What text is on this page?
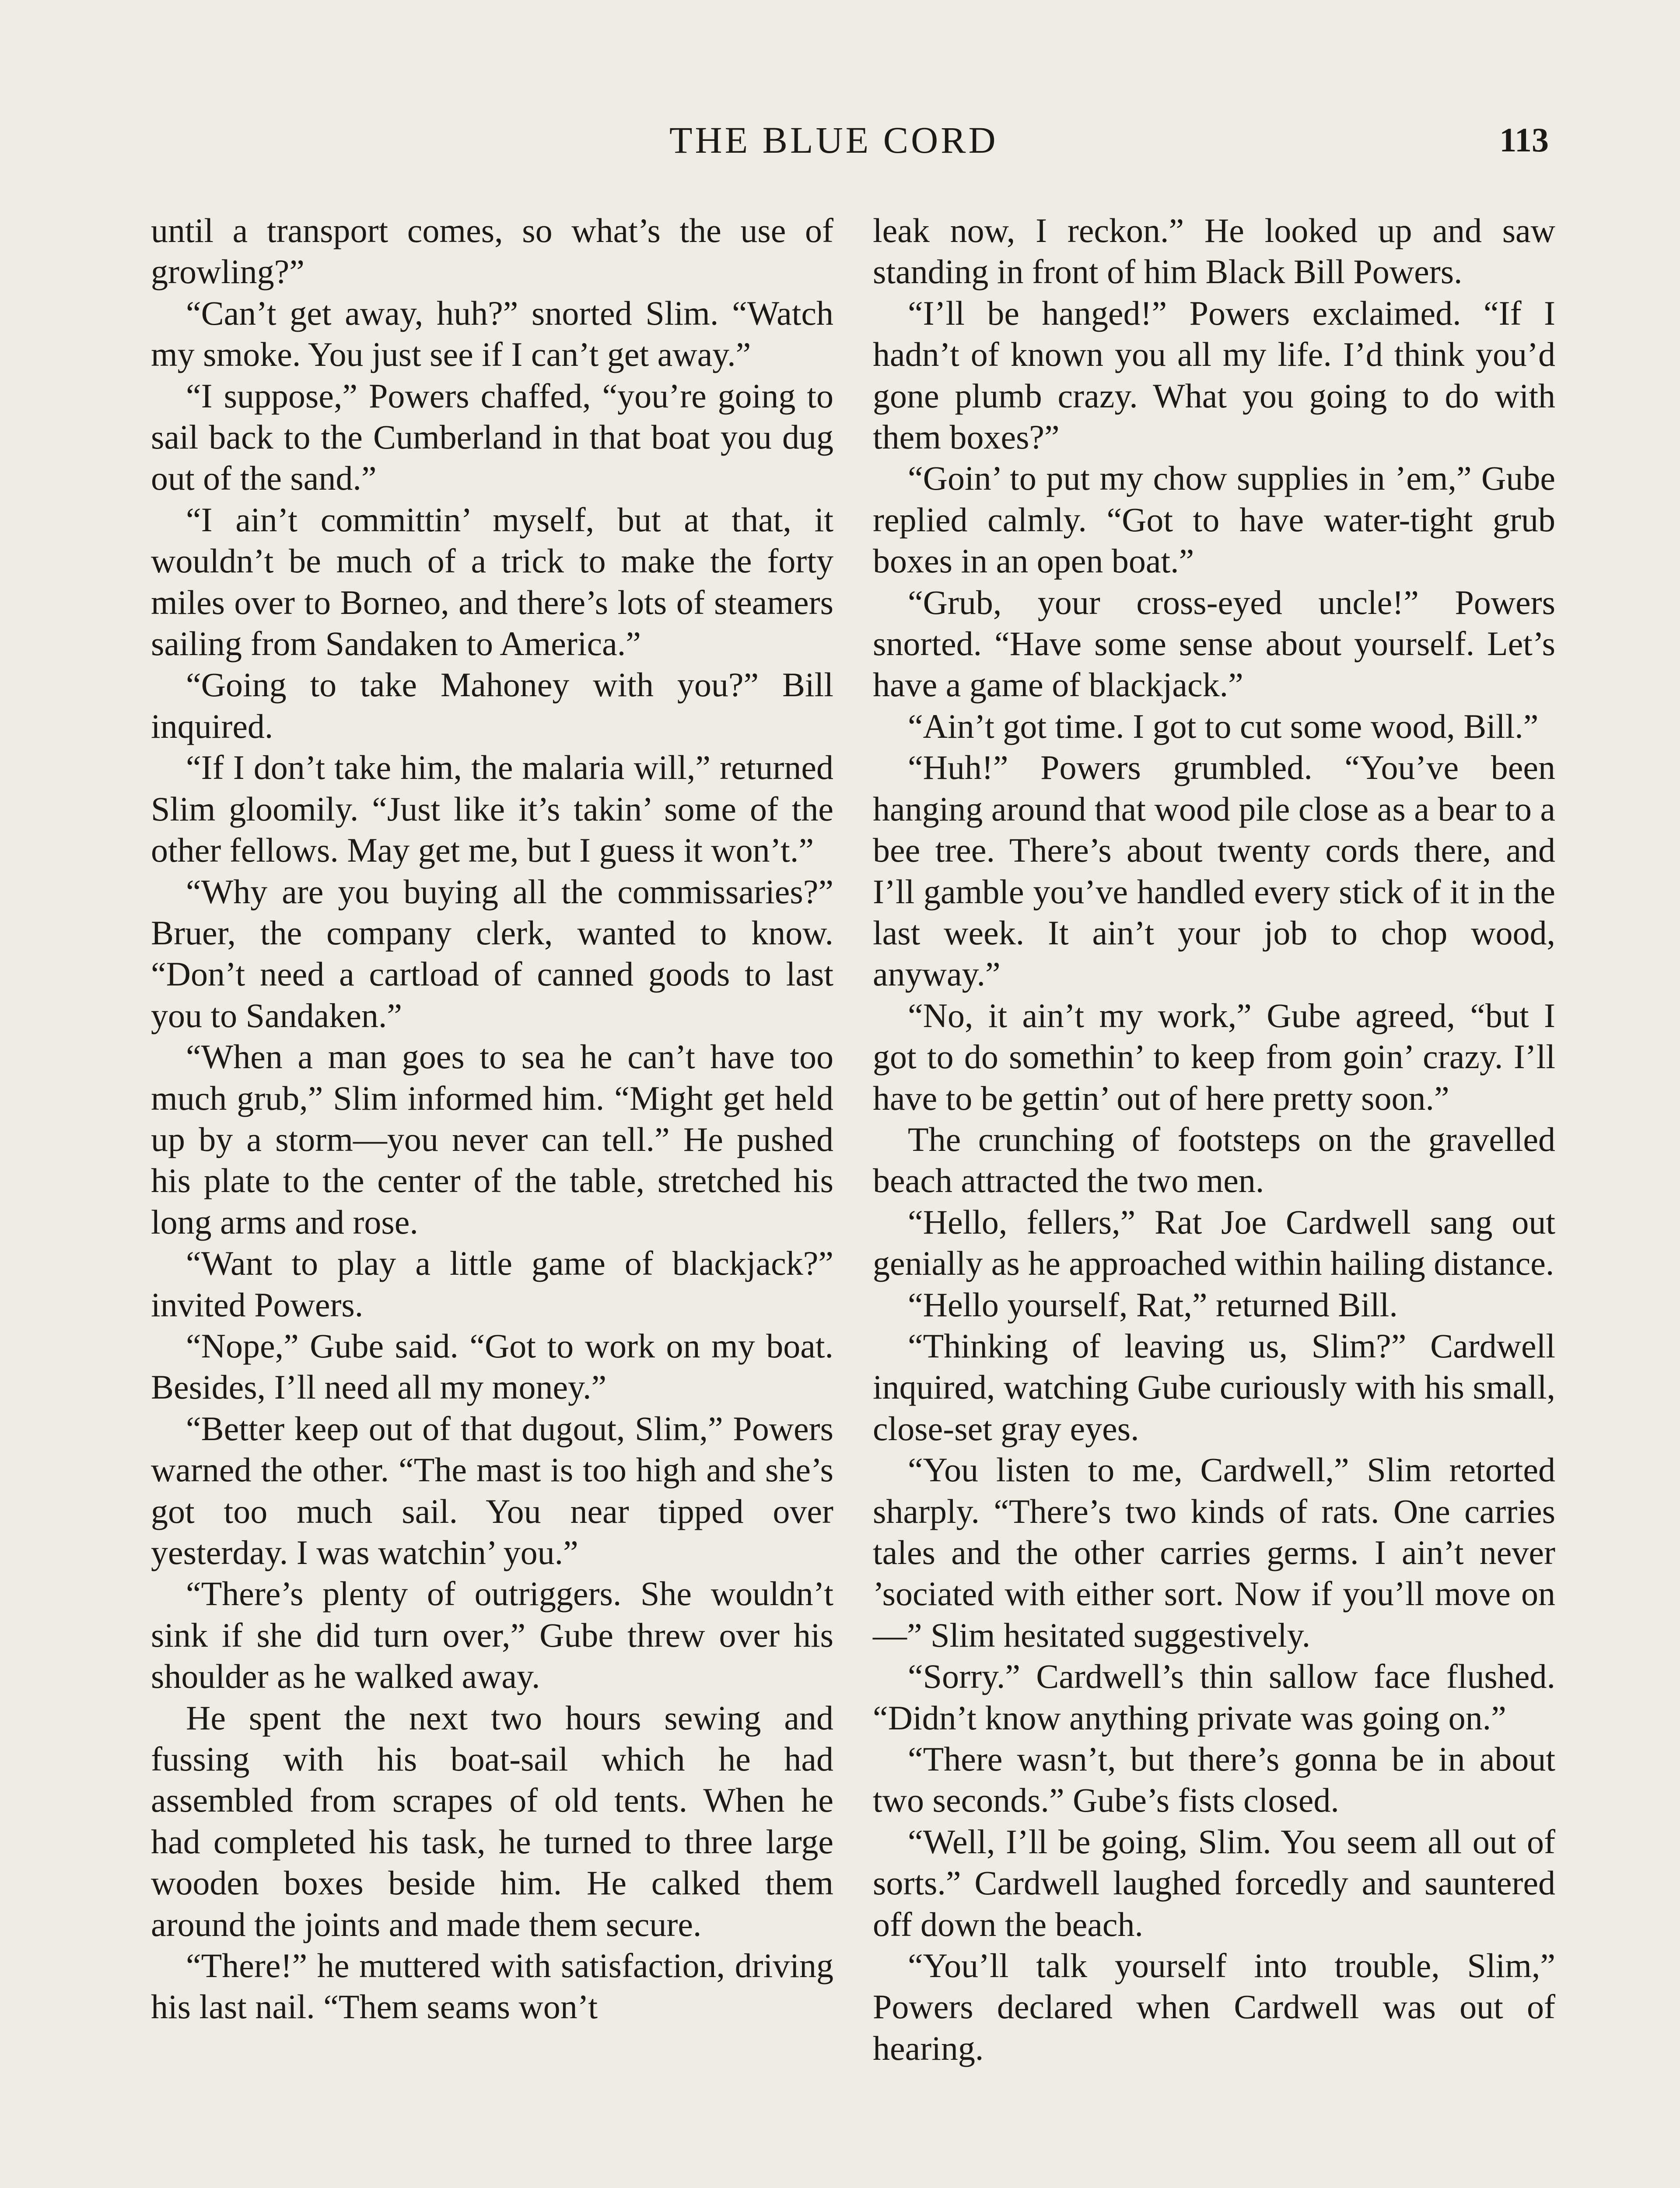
THE BLUE CORD	113

until a transport comes, so what’s the use of growling?”

“Can’t get away, huh?” snorted Slim. “Watch my smoke. You just see if I can’t get away.”

“I suppose,” Powers chaffed, “you’re going to sail back to the Cumberland in that boat you dug out of the sand.”

“I ain’t committin’ myself, but at that, it wouldn’t be much of a trick to make the forty miles over to Borneo, and there’s lots of steamers sailing from Sandaken to America.”

“Going to take Mahoney with you?” Bill inquired.

“If I don’t take him, the malaria will,” returned Slim gloomily. “Just like it’s takin’ some of the other fellows. May get me, but I guess it won’t.”

“Why are you buying all the commissaries?” Bruer, the company clerk, wanted to know. “Don’t need a cartload of canned goods to last you to Sandaken.”

“When a man goes to sea he can’t have too much grub,” Slim informed him. “Might get held up by a storm—you never can tell.” He pushed his plate to the center of the table, stretched his long arms and rose.

“Want to play a little game of blackjack?” invited Powers.

“Nope,” Gube said. “Got to work on my boat. Besides, I’ll need all my money.”

“Better keep out of that dugout, Slim,” Powers warned the other. “The mast is too high and she’s got too much sail. You near tipped over yesterday. I was watchin’ you.”

“There’s plenty of outriggers. She wouldn’t sink if she did turn over,” Gube threw over his shoulder as he walked away.

He spent the next two hours sewing and fussing with his boat-sail which he had assembled from scrapes of old tents. When he had completed his task, he turned to three large wooden boxes beside him. He calked them around the joints and made them secure.

“There!” he muttered with satisfaction, driving his last nail. “Them seams won’t

leak now, I reckon.” He looked up and saw standing in front of him Black Bill Powers.

“I’ll be hanged!” Powers exclaimed. “If I hadn’t of known you all my life. I’d think you’d gone plumb crazy. What you going to do with them boxes?”

“Goin’ to put my chow supplies in ’em,” Gube replied calmly. “Got to have water-tight grub boxes in an open boat.”

“Grub, your cross-eyed uncle!” Powers snorted. “Have some sense about yourself. Let’s have a game of blackjack.”

“Ain’t got time. I got to cut some wood, Bill.”

“Huh!” Powers grumbled. “You’ve been hanging around that wood pile close as a bear to a bee tree. There’s about twenty cords there, and I’ll gamble you’ve handled every stick of it in the last week. It ain’t your job to chop wood, anyway.”

“No, it ain’t my work,” Gube agreed, “but I got to do somethin’ to keep from goin’ crazy. I’ll have to be gettin’ out of here pretty soon.”

The crunching of footsteps on the gravelled beach attracted the two men.

“Hello, fellers,” Rat Joe Cardwell sang out genially as he approached within hailing distance.

“Hello yourself, Rat,” returned Bill.

“Thinking of leaving us, Slim?” Cardwell inquired, watching Gube curiously with his small, close-set gray eyes.

“You listen to me, Cardwell,” Slim retorted sharply. “There’s two kinds of rats. One carries tales and the other carries germs. I ain’t never ’sociated with either sort. Now if you’ll move on—” Slim hesitated suggestively.

“Sorry.” Cardwell’s thin sallow face flushed. “Didn’t know anything private was going on.”

“There wasn’t, but there’s gonna be in about two seconds.” Gube’s fists closed.

“Well, I’ll be going, Slim. You seem all out of sorts.” Cardwell laughed forcedly and sauntered off down the beach.

“You’ll talk yourself into trouble, Slim,” Powers declared when Cardwell was out of hearing.
